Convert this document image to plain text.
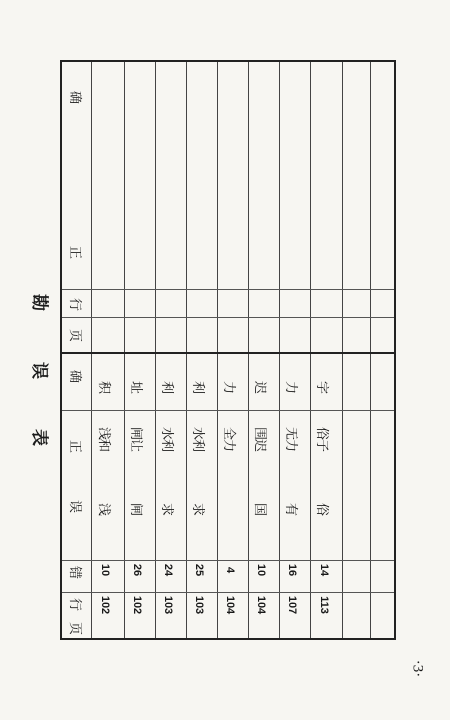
勘
误
表
确
正
行
页
确
正
误
错
行
页
102
10
浅
和
浅
积
102
26
闸
让
闸
址
103
24
求
利
水
利
103
25
求
利
水
利
104
4
力
全
力
104
10
国
迟
围
迟
107
16
有
力
无
力
113
14
俗
子
俗
字
·3·
